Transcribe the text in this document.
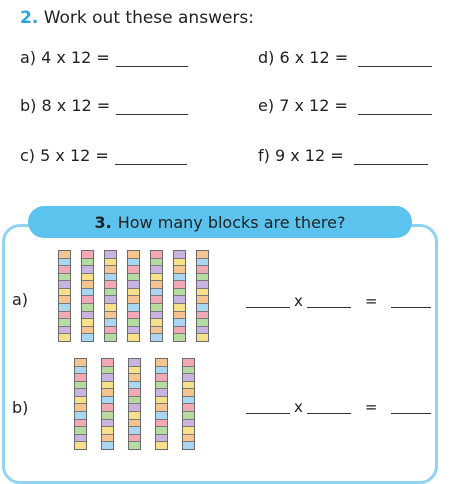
2. Work out these answers:
a)
4 x 12 =
b)
8 x 12 =
c)
5 x 12 =
d)
6 x 12 =
e)
7 x 12 =
f)
9 x 12 =
3. How many blocks are there?
a)	x	=
b)	x	=
